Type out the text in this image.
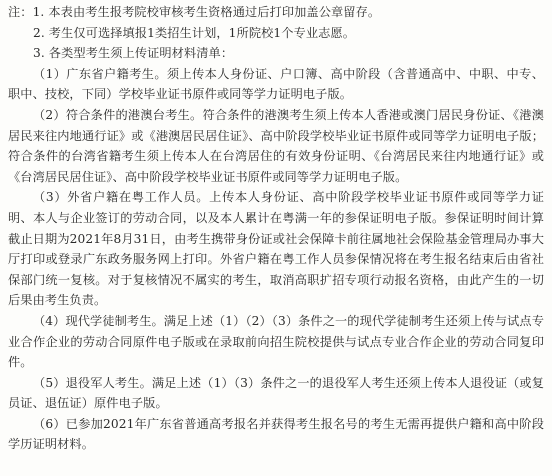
注：1. 本表由考生报考院校审核考生资格通过后打印加盖公章留存。

2. 考生仅可选择填报1类招生计划，1所院校1个专业志愿。

3. 各类型考生须上传证明材料清单：

（1）广东省户籍考生。须上传本人身份证、户口簿、高中阶段（含普通高中、中职、中专、职中、技校，下同）学校毕业证书原件或同等学力证明电子版。

（2）符合条件的港澳台考生。符合条件的港澳考生须上传本人香港或澳门居民身份证、《港澳居民来往内地通行证》或《港澳居民居住证》、高中阶段学校毕业证书原件或同等学力证明电子版；符合条件的台湾省籍考生须上传本人在台湾居住的有效身份证明、《台湾居民来往内地通行证》或《台湾居民居住证》、高中阶段学校毕业证书原件或同等学力证明电子版。

（3）外省户籍在粤工作人员。上传本人身份证、高中阶段学校毕业证书原件或同等学力证明、本人与企业签订的劳动合同，以及本人累计在粤满一年的参保证明电子版。参保证明时间计算截止日期为2021年8月31日，由考生携带身份证或社会保障卡前往属地社会保险基金管理局办事大厅打印或登录广东政务服务网上打印。外省户籍在粤工作人员参保情况将在考生报名结束后由省社保部门统一复核。对于复核情况不属实的考生，取消高职扩招专项行动报名资格，由此产生的一切后果由考生负责。

（4）现代学徒制考生。满足上述（1）（2）（3）条件之一的现代学徒制考生还须上传与试点专业合作企业的劳动合同原件电子版或在录取前向招生院校提供与试点专业合作企业的劳动合同复印件。

（5）退役军人考生。满足上述（1）（3）条件之一的退役军人考生还须上传本人退役证（或复员证、退伍证）原件电子版。

（6）已参加2021年广东省普通高考报名并获得考生报名号的考生无需再提供户籍和高中阶段学历证明材料。
